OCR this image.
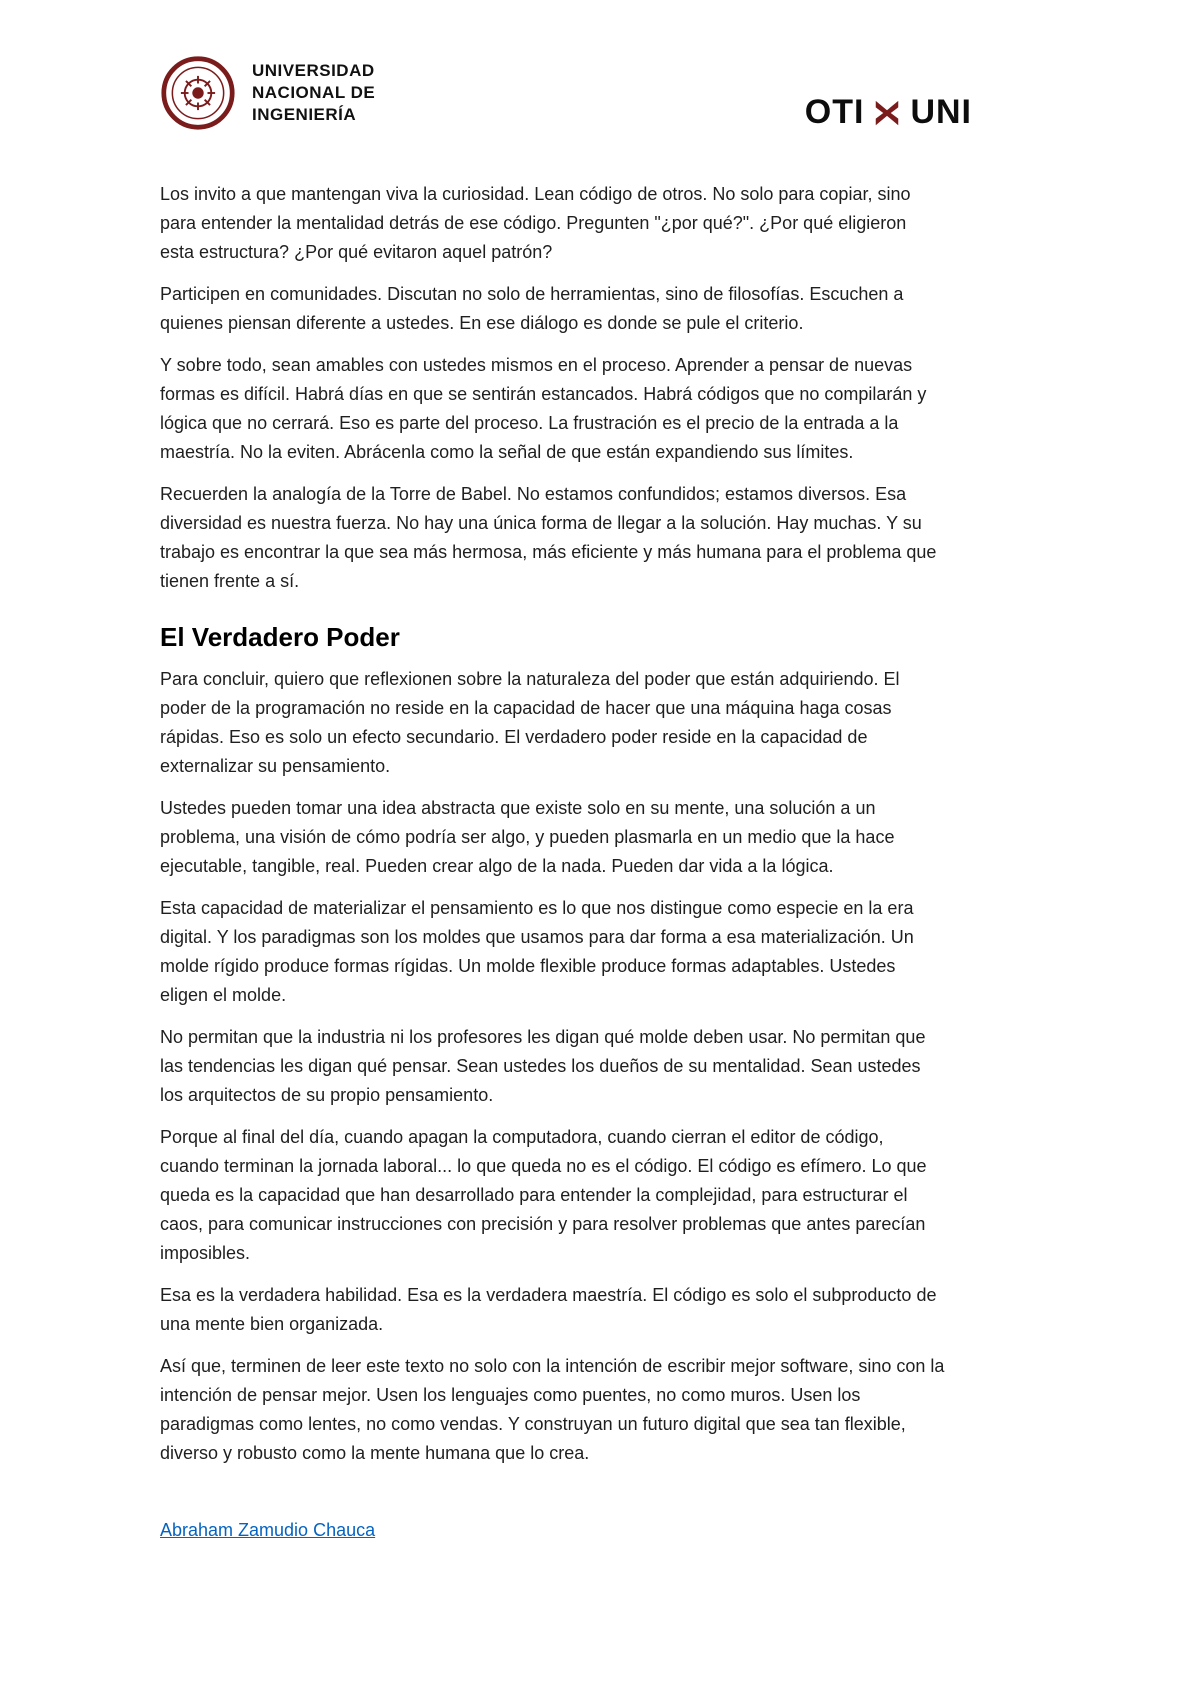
UNIVERSIDAD
NACIONAL DE
INGENIERÍA	OTI UNI

Los invito a que mantengan viva la curiosidad. Lean código de otros. No solo para copiar, sino para entender la mentalidad detrás de ese código. Pregunten "¿por qué?". ¿Por qué eligieron esta estructura? ¿Por qué evitaron aquel patrón?

Participen en comunidades. Discutan no solo de herramientas, sino de filosofías. Escuchen a quienes piensan diferente a ustedes. En ese diálogo es donde se pule el criterio.

Y sobre todo, sean amables con ustedes mismos en el proceso. Aprender a pensar de nuevas formas es difícil. Habrá días en que se sentirán estancados. Habrá códigos que no compilarán y lógica que no cerrará. Eso es parte del proceso. La frustración es el precio de la entrada a la maestría. No la eviten. Abrácenla como la señal de que están expandiendo sus límites.

Recuerden la analogía de la Torre de Babel. No estamos confundidos; estamos diversos. Esa diversidad es nuestra fuerza. No hay una única forma de llegar a la solución. Hay muchas. Y su trabajo es encontrar la que sea más hermosa, más eficiente y más humana para el problema que tienen frente a sí.

El Verdadero Poder

Para concluir, quiero que reflexionen sobre la naturaleza del poder que están adquiriendo. El poder de la programación no reside en la capacidad de hacer que una máquina haga cosas rápidas. Eso es solo un efecto secundario. El verdadero poder reside en la capacidad de externalizar su pensamiento.

Ustedes pueden tomar una idea abstracta que existe solo en su mente, una solución a un problema, una visión de cómo podría ser algo, y pueden plasmarla en un medio que la hace ejecutable, tangible, real. Pueden crear algo de la nada. Pueden dar vida a la lógica.

Esta capacidad de materializar el pensamiento es lo que nos distingue como especie en la era digital. Y los paradigmas son los moldes que usamos para dar forma a esa materialización. Un molde rígido produce formas rígidas. Un molde flexible produce formas adaptables. Ustedes eligen el molde.

No permitan que la industria ni los profesores les digan qué molde deben usar. No permitan que las tendencias les digan qué pensar. Sean ustedes los dueños de su mentalidad. Sean ustedes los arquitectos de su propio pensamiento.

Porque al final del día, cuando apagan la computadora, cuando cierran el editor de código, cuando terminan la jornada laboral... lo que queda no es el código. El código es efímero. Lo que queda es la capacidad que han desarrollado para entender la complejidad, para estructurar el caos, para comunicar instrucciones con precisión y para resolver problemas que antes parecían imposibles.

Esa es la verdadera habilidad. Esa es la verdadera maestría. El código es solo el subproducto de una mente bien organizada.

Así que, terminen de leer este texto no solo con la intención de escribir mejor software, sino con la intención de pensar mejor. Usen los lenguajes como puentes, no como muros. Usen los paradigmas como lentes, no como vendas. Y construyan un futuro digital que sea tan flexible, diverso y robusto como la mente humana que lo crea.

Abraham Zamudio Chauca
